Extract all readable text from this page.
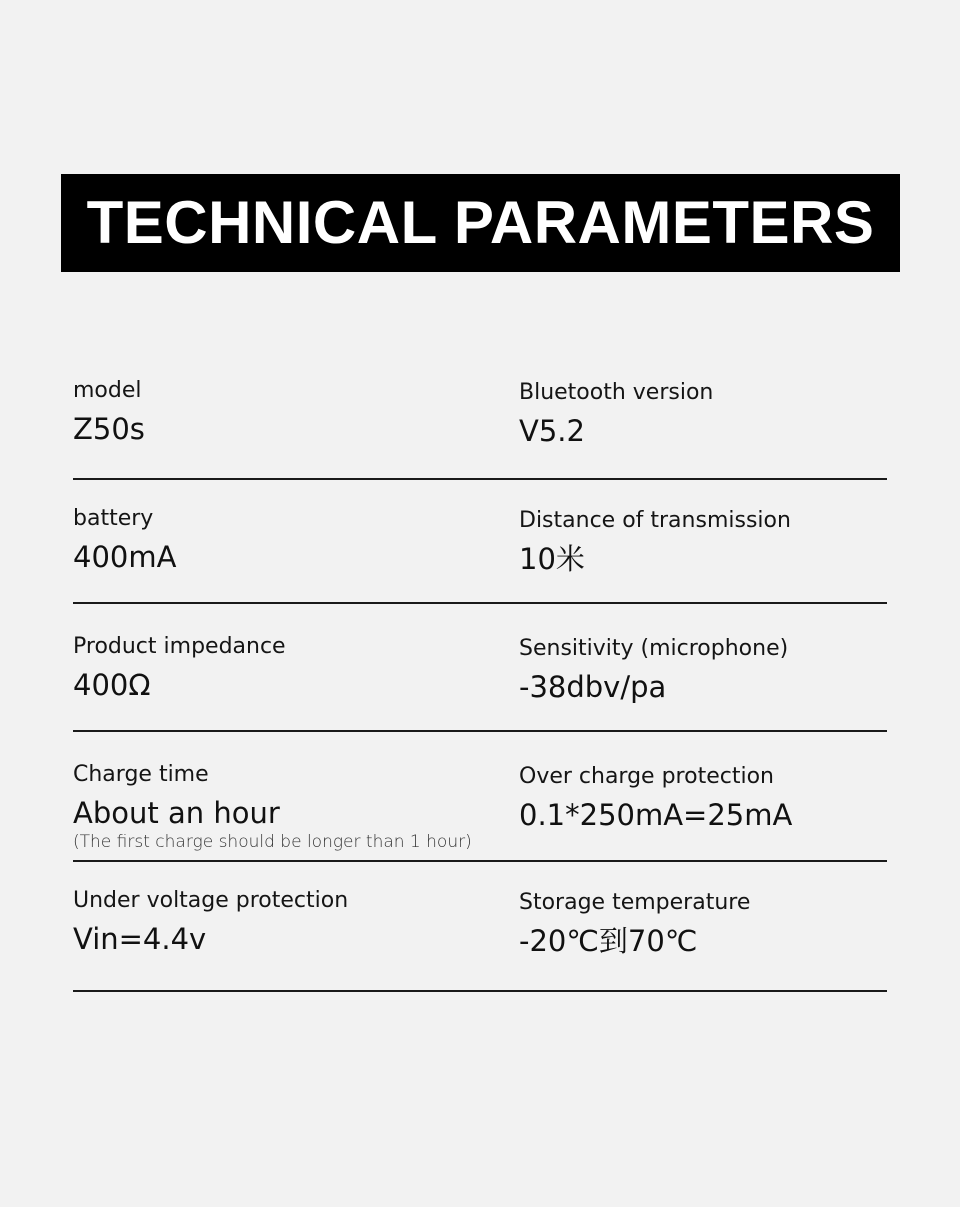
TECHNICAL PARAMETERS
model
Z50s
Bluetooth version
V5.2
battery
400mA
Distance of transmission
10米
Product impedance
400Ω
Sensitivity (microphone)
-38dbv/pa
Charge time
About an hour
(The first charge should be longer than 1 hour)
Over charge protection
0.1*250mA=25mA
Under voltage protection
Vin=4.4v
Storage temperature
-20℃到70℃
